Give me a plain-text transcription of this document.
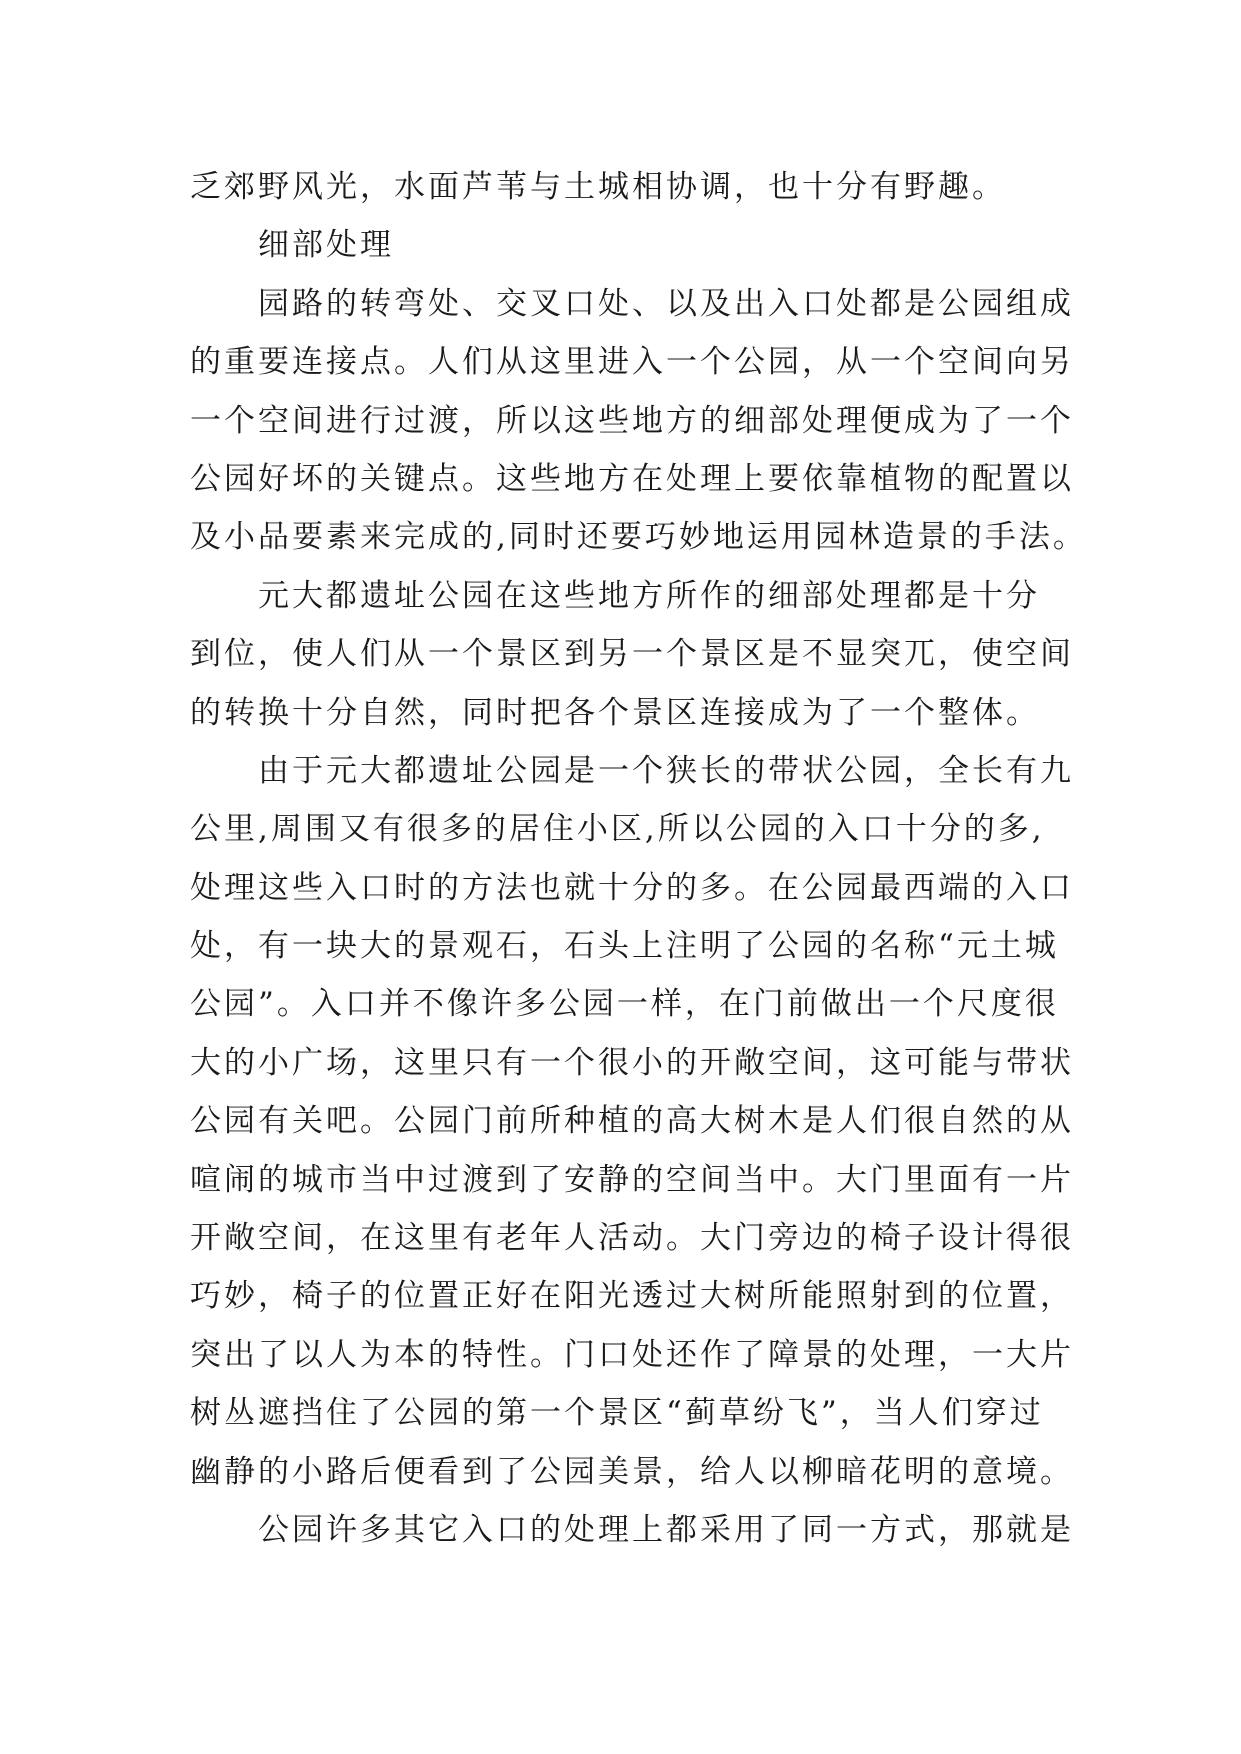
乏郊野风光，水面芦苇与土城相协调，也十分有野趣。
细部处理
园路的转弯处、交叉口处、以及出入口处都是公园组成
的重要连接点。人们从这里进入一个公园，从一个空间向另
一个空间进行过渡，所以这些地方的细部处理便成为了一个
公园好坏的关键点。这些地方在处理上要依靠植物的配置以
及小品要素来完成的,同时还要巧妙地运用园林造景的手法。
元大都遗址公园在这些地方所作的细部处理都是十分
到位，使人们从一个景区到另一个景区是不显突兀，使空间
的转换十分自然，同时把各个景区连接成为了一个整体。
由于元大都遗址公园是一个狭长的带状公园，全长有九
公里,周围又有很多的居住小区,所以公园的入口十分的多,
处理这些入口时的方法也就十分的多。在公园最西端的入口
处，有一块大的景观石，石头上注明了公园的名称“元土城
公园”。入口并不像许多公园一样，在门前做出一个尺度很
大的小广场，这里只有一个很小的开敞空间，这可能与带状
公园有关吧。公园门前所种植的高大树木是人们很自然的从
喧闹的城市当中过渡到了安静的空间当中。大门里面有一片
开敞空间，在这里有老年人活动。大门旁边的椅子设计得很
巧妙，椅子的位置正好在阳光透过大树所能照射到的位置，
突出了以人为本的特性。门口处还作了障景的处理，一大片
树丛遮挡住了公园的第一个景区“蓟草纷飞”，当人们穿过
幽静的小路后便看到了公园美景，给人以柳暗花明的意境。
公园许多其它入口的处理上都采用了同一方式，那就是
